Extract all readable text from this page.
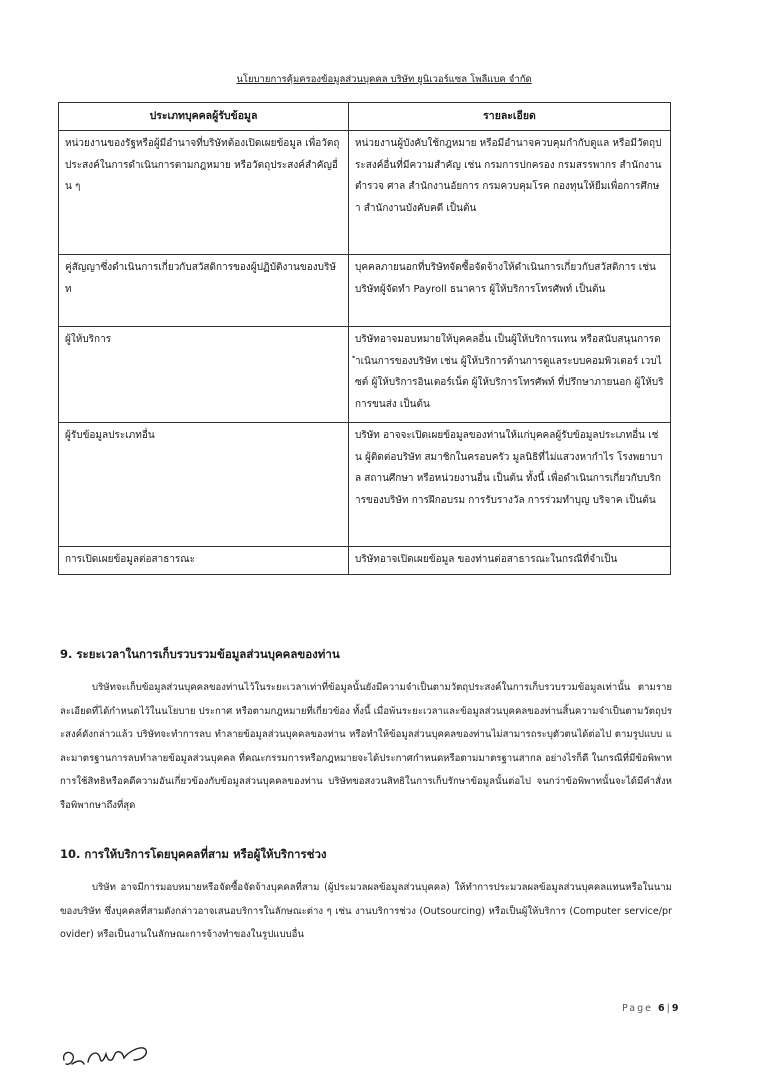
นโยบายการคุ้มครองข้อมูลส่วนบุคคล บริษัท ยูนิเวอร์แซล โพลีแบค จำกัด
ประเภทบุคคลผู้รับข้อมูล	รายละเอียด
หน่วยงานของรัฐหรือผู้มีอำนาจที่บริษัทต้องเปิดเผยข้อมูล เพื่อวัตถุประสงค์ในการดำเนินการตามกฎหมาย หรือวัตถุประสงค์สำคัญอื่น ๆ	หน่วยงานผู้บังคับใช้กฎหมาย หรือมีอำนาจควบคุมกำกับดูแล หรือมีวัตถุประสงค์อื่นที่มีความสำคัญ เช่น กรมการปกครอง กรมสรรพากร สำนักงานตำรวจ ศาล สำนักงานอัยการ กรมควบคุมโรค กองทุนให้ยืมเพื่อการศึกษา สำนักงานบังคับคดี เป็นต้น
คู่สัญญาซึ่งดำเนินการเกี่ยวกับสวัสดิการของผู้ปฏิบัติงานของบริษัท	บุคคลภายนอกที่บริษัทจัดซื้อจัดจ้างให้ดำเนินการเกี่ยวกับสวัสดิการ เช่น บริษัทผู้จัดทำ Payroll ธนาคาร ผู้ให้บริการโทรศัพท์ เป็นต้น
ผู้ให้บริการ	บริษัทอาจมอบหมายให้บุคคลอื่น เป็นผู้ให้บริการแทน หรือสนับสนุนการดำเนินการของบริษัท เช่น ผู้ให้บริการด้านการดูแลระบบคอมพิวเตอร์ เวบไซต์ ผู้ให้บริการอินเตอร์เน็ต ผู้ให้บริการโทรศัพท์ ที่ปรึกษาภายนอก ผู้ให้บริการขนส่ง เป็นต้น
ผู้รับข้อมูลประเภทอื่น	บริษัท อาจจะเปิดเผยข้อมูลของท่านให้แก่บุคคลผู้รับข้อมูลประเภทอื่น เช่น ผู้ติดต่อบริษัท สมาชิกในครอบครัว มูลนิธิที่ไม่แสวงหากำไร โรงพยาบาล สถานศึกษา หรือหน่วยงานอื่น เป็นต้น ทั้งนี้ เพื่อดำเนินการเกี่ยวกับบริการของบริษัท การฝึกอบรม การรับรางวัล การร่วมทำบุญ บริจาค เป็นต้น
การเปิดเผยข้อมูลต่อสาธารณะ	บริษัทอาจเปิดเผยข้อมูล ของท่านต่อสาธารณะในกรณีที่จำเป็น
9. ระยะเวลาในการเก็บรวบรวมข้อมูลส่วนบุคคลของท่าน

บริษัทจะเก็บข้อมูลส่วนบุคคลของท่านไว้ในระยะเวลาเท่าที่ข้อมูลนั้นยังมีความจำเป็นตามวัตถุประสงค์ในการเก็บรวบรวมข้อมูลเท่านั้น ตามรายละเอียดที่ได้กำหนดไว้ในนโยบาย ประกาศ หรือตามกฎหมายที่เกี่ยวข้อง ทั้งนี้ เมื่อพ้นระยะเวลาและข้อมูลส่วนบุคคลของท่านสิ้นความจำเป็นตามวัตถุประสงค์ดังกล่าวแล้ว บริษัทจะทำการลบ ทำลายข้อมูลส่วนบุคคลของท่าน หรือทำให้ข้อมูลส่วนบุคคลของท่านไม่สามารถระบุตัวตนได้ต่อไป ตามรูปแบบ และมาตรฐานการลบทำลายข้อมูลส่วนบุคคล ที่คณะกรรมการหรือกฎหมายจะได้ประกาศกำหนดหรือตามมาตรฐานสากล อย่างไรก็ดี ในกรณีที่มีข้อพิพาท การใช้สิทธิหรือคดีความอันเกี่ยวข้องกับข้อมูลส่วนบุคคลของท่าน บริษัทขอสงวนสิทธิในการเก็บรักษาข้อมูลนั้นต่อไป จนกว่าข้อพิพาทนั้นจะได้มีคำสั่งหรือพิพากษาถึงที่สุด

10. การให้บริการโดยบุคคลที่สาม หรือผู้ให้บริการช่วง

บริษัท อาจมีการมอบหมายหรือจัดซื้อจัดจ้างบุคคลที่สาม (ผู้ประมวลผลข้อมูลส่วนบุคคล) ให้ทำการประมวลผลข้อมูลส่วนบุคคลแทนหรือในนามของบริษัท ซึ่งบุคคลที่สามดังกล่าวอาจเสนอบริการในลักษณะต่าง ๆ เช่น งานบริการช่วง (Outsourcing) หรือเป็นผู้ให้บริการ (Computer service/provider) หรือเป็นงานในลักษณะการจ้างทำของในรูปแบบอื่น

Page 6|9
